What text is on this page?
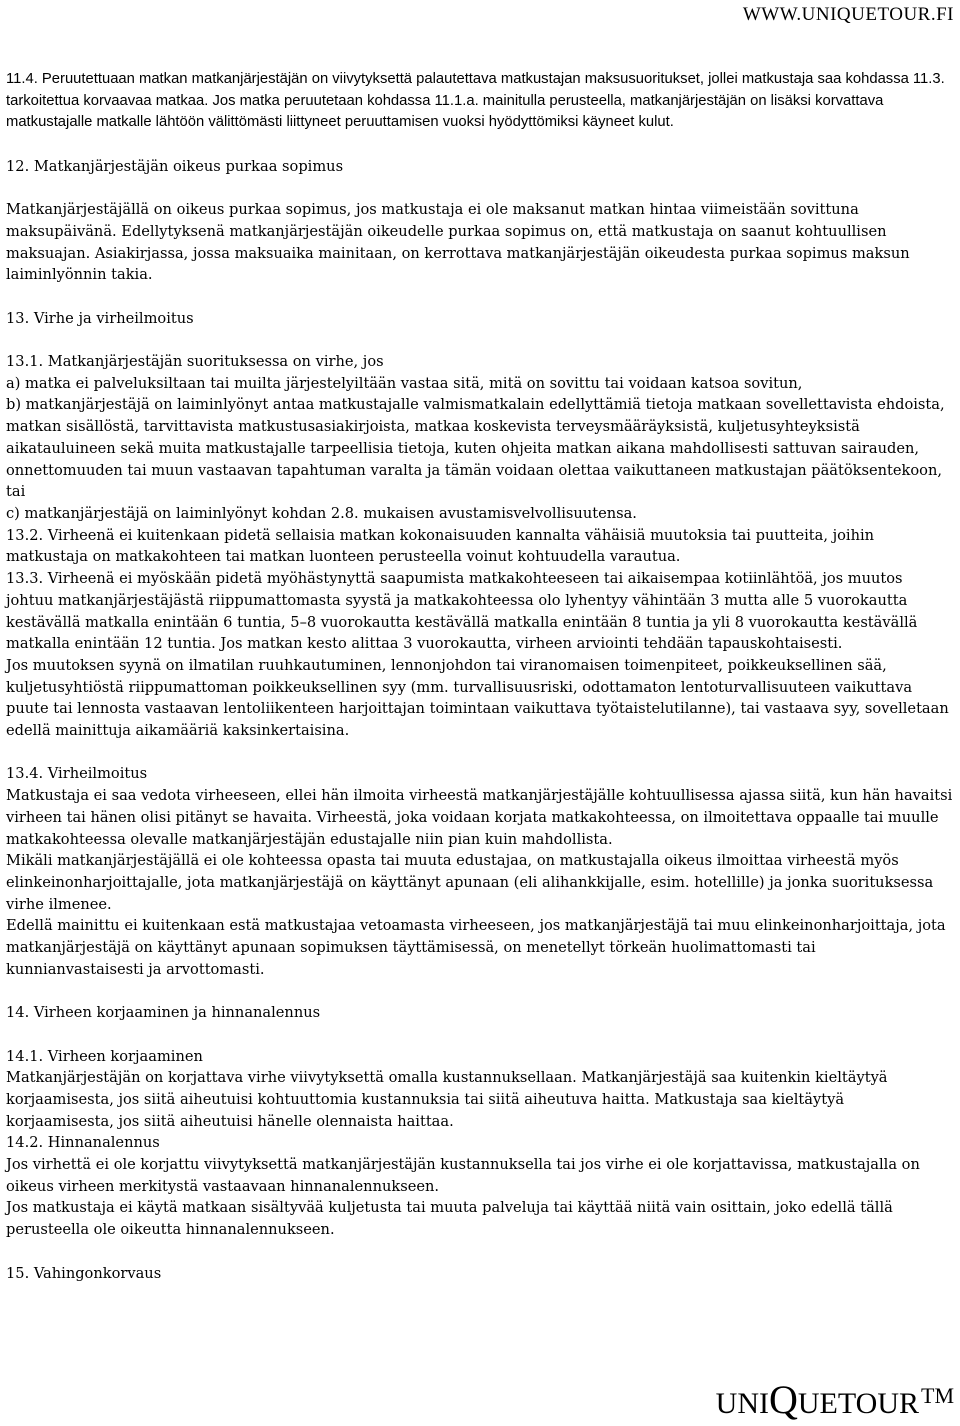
WWW.UNIQUETOUR.FI

11.4. Peruutettuaan matkan matkanjärjestäjän on viivytyksettä palautettava matkustajan maksusuoritukset, jollei matkustaja saa kohdassa 11.3. tarkoitettua korvaavaa matkaa. Jos matka peruutetaan kohdassa 11.1.a. mainitulla perusteella, matkanjärjestäjän on lisäksi korvattava matkustajalle matkalle lähtöön välittömästi liittyneet peruuttamisen vuoksi hyödyttömiksi käyneet kulut.

12. Matkanjärjestäjän oikeus purkaa sopimus

Matkanjärjestäjällä on oikeus purkaa sopimus, jos matkustaja ei ole maksanut matkan hintaa viimeistään sovittuna maksupäivänä. Edellytyksenä matkanjärjestäjän oikeudelle purkaa sopimus on, että matkustaja on saanut kohtuullisen maksuajan. Asiakirjassa, jossa maksuaika mainitaan, on kerrottava matkanjärjestäjän oikeudesta purkaa sopimus maksun laiminlyönnin takia.

13. Virhe ja virheilmoitus

13.1. Matkanjärjestäjän suorituksessa on virhe, jos

a) matka ei palveluksiltaan tai muilta järjestelyiltään vastaa sitä, mitä on sovittu tai voidaan katsoa sovitun,

b) matkanjärjestäjä on laiminlyönyt antaa matkustajalle valmismatkalain edellyttämiä tietoja matkaan sovellettavista ehdoista, matkan sisällöstä, tarvittavista matkustusasiakirjoista, matkaa koskevista terveysmääräyksistä, kuljetusyhteyksistä aikatauluineen sekä muita matkustajalle tarpeellisia tietoja, kuten ohjeita matkan aikana mahdollisesti sattuvan sairauden, onnettomuuden tai muun vastaavan tapahtuman varalta ja tämän voidaan olettaa vaikuttaneen matkustajan päätöksentekoon, tai

c) matkanjärjestäjä on laiminlyönyt kohdan 2.8. mukaisen avustamisvelvollisuutensa.

13.2. Virheenä ei kuitenkaan pidetä sellaisia matkan kokonaisuuden kannalta vähäisiä muutoksia tai puutteita, joihin matkustaja on matkakohteen tai matkan luonteen perusteella voinut kohtuudella varautua.

13.3. Virheenä ei myöskään pidetä myöhästynyttä saapumista matkakohteeseen tai aikaisempaa kotiinlähtöä, jos muutos johtuu matkanjärjestäjästä riippumattomasta syystä ja matkakohteessa olo lyhentyy vähintään 3 mutta alle 5 vuorokautta kestävällä matkalla enintään 6 tuntia, 5–8 vuorokautta kestävällä matkalla enintään 8 tuntia ja yli 8 vuorokautta kestävällä matkalla enintään 12 tuntia. Jos matkan kesto alittaa 3 vuorokautta, virheen arviointi tehdään tapauskohtaisesti.

Jos muutoksen syynä on ilmatilan ruuhkautuminen, lennonjohdon tai viranomaisen toimenpiteet, poikkeuksellinen sää, kuljetusyhtiöstä riippumattoman poikkeuksellinen syy (mm. turvallisuusriski, odottamaton lentoturvallisuuteen vaikuttava puute tai lennosta vastaavan lentoliikenteen harjoittajan toimintaan vaikuttava työtaistelutilanne), tai vastaava syy, sovelletaan edellä mainittuja aikamääriä kaksinkertaisina.

13.4. Virheilmoitus

Matkustaja ei saa vedota virheeseen, ellei hän ilmoita virheestä matkanjärjestäjälle kohtuullisessa ajassa siitä, kun hän havaitsi virheen tai hänen olisi pitänyt se havaita. Virheestä, joka voidaan korjata matkakohteessa, on ilmoitettava oppaalle tai muulle matkakohteessa olevalle matkanjärjestäjän edustajalle niin pian kuin mahdollista.

Mikäli matkanjärjestäjällä ei ole kohteessa opasta tai muuta edustajaa, on matkustajalla oikeus ilmoittaa virheestä myös elinkeinonharjoittajalle, jota matkanjärjestäjä on käyttänyt apunaan (eli alihankkijalle, esim. hotellille) ja jonka suorituksessa virhe ilmenee.

Edellä mainittu ei kuitenkaan estä matkustajaa vetoamasta virheeseen, jos matkanjärjestäjä tai muu elinkeinonharjoittaja, jota matkanjärjestäjä on käyttänyt apunaan sopimuksen täyttämisessä, on menetellyt törkeän huolimattomasti tai kunnianvastaisesti ja arvottomasti.

14. Virheen korjaaminen ja hinnanalennus

14.1. Virheen korjaaminen

Matkanjärjestäjän on korjattava virhe viivytyksettä omalla kustannuksellaan. Matkanjärjestäjä saa kuitenkin kieltäytyä korjaamisesta, jos siitä aiheutuisi kohtuuttomia kustannuksia tai siitä aiheutuva haitta. Matkustaja saa kieltäytyä korjaamisesta, jos siitä aiheutuisi hänelle olennaista haittaa.

14.2. Hinnanalennus

Jos virhettä ei ole korjattu viivytyksettä matkanjärjestäjän kustannuksella tai jos virhe ei ole korjattavissa, matkustajalla on oikeus virheen merkitystä vastaavaan hinnanalennukseen.

Jos matkustaja ei käytä matkaan sisältyvää kuljetusta tai muuta palveluja tai käyttää niitä vain osittain, joko edellä tällä perusteella ole oikeutta hinnanalennukseen.

15. Vahingonkorvaus

UNIQUETOURTM
